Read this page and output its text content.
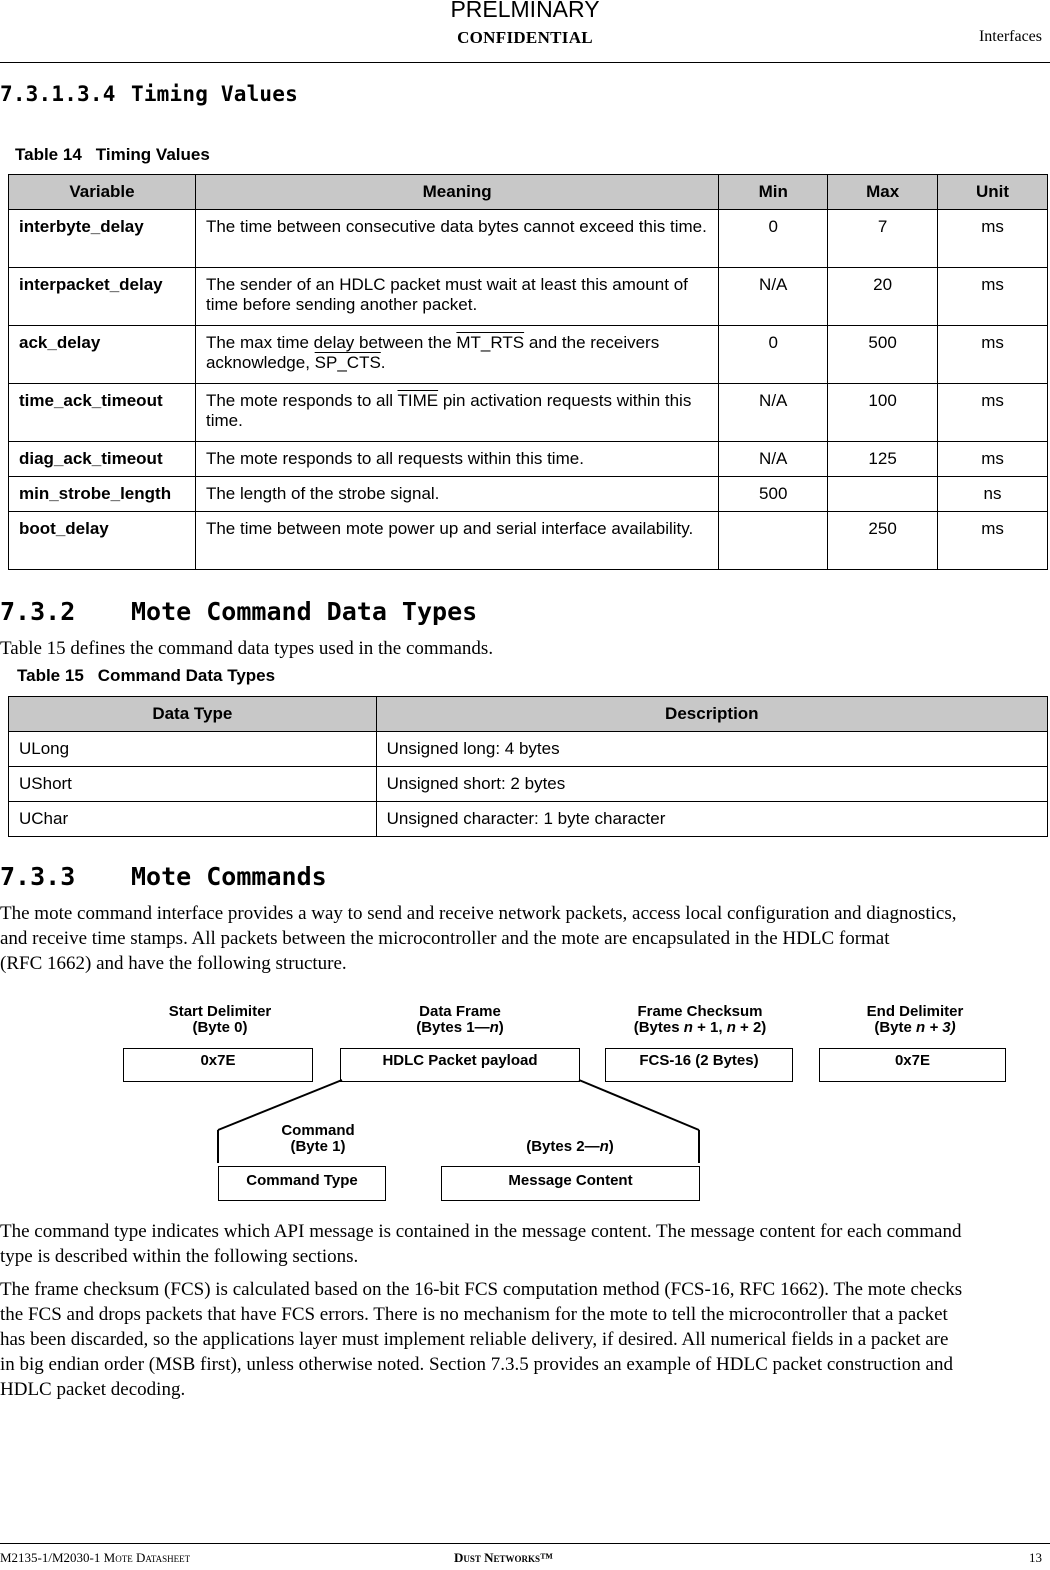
PRELMINARY
CONFIDENTIAL	Interfaces
7.3.1.3.4 Timing Values
Table 14 Timing Values
Variable	Meaning	Min	Max	Unit
interbyte_delay	The time between consecutive data bytes cannot exceed this time.	0	7	ms
interpacket_delay	The sender of an HDLC packet must wait at least this amount of time before sending another packet.	N/A	20	ms
ack_delay	The max time delay between the MT_RTS and the receivers acknowledge, SP_CTS.	0	500	ms
time_ack_timeout	The mote responds to all TIME pin activation requests within this time.	N/A	100	ms
diag_ack_timeout	The mote responds to all requests within this time.	N/A	125	ms
min_strobe_length	The length of the strobe signal.	500		ns
boot_delay	The time between mote power up and serial interface availability.		250	ms
7.3.2 Mote Command Data Types
Table 15 defines the command data types used in the commands.
Table 15 Command Data Types
Data Type	Description
ULong	Unsigned long: 4 bytes
UShort	Unsigned short: 2 bytes
UChar	Unsigned character: 1 byte character
7.3.3 Mote Commands
The mote command interface provides a way to send and receive network packets, access local configuration and diagnostics,
and receive time stamps. All packets between the microcontroller and the mote are encapsulated in the HDLC format
(RFC 1662) and have the following structure.
Start Delimiter
(Byte 0)
Data Frame
(Bytes 1—n)
Frame Checksum
(Bytes n + 1, n + 2)
End Delimiter
(Byte n + 3)
0x7E	HDLC Packet payload	FCS-16 (2 Bytes)	0x7E
Command
(Byte 1)	(Bytes 2—n)
Command Type	Message Content
The command type indicates which API message is contained in the message content. The message content for each command
type is described within the following sections.
The frame checksum (FCS) is calculated based on the 16-bit FCS computation method (FCS-16, RFC 1662). The mote checks
the FCS and drops packets that have FCS errors. There is no mechanism for the mote to tell the microcontroller that a packet
has been discarded, so the applications layer must implement reliable delivery, if desired. All numerical fields in a packet are
in big endian order (MSB first), unless otherwise noted. Section 7.3.5 provides an example of HDLC packet construction and
HDLC packet decoding.
M2135-1/M2030-1 Mote Datasheet	Dust Networks™	13
